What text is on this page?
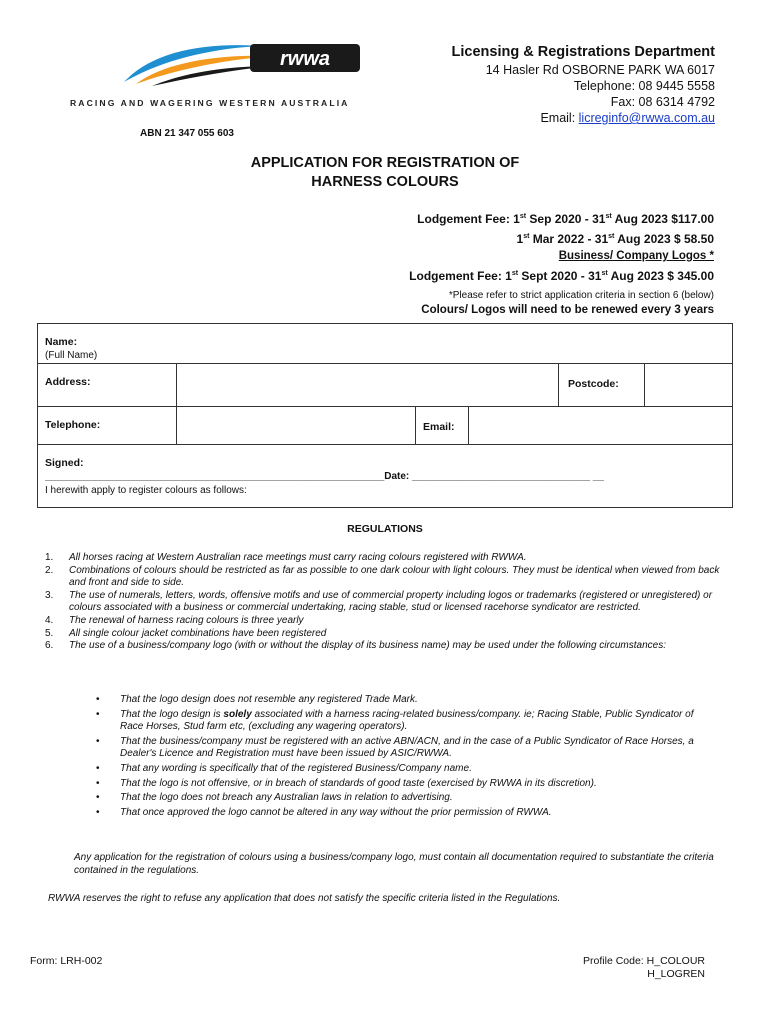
rwwa
RACING AND WAGERING WESTERN AUSTRALIA
Licensing & Registrations Department
14 Hasler Rd OSBORNE PARK WA 6017
Telephone: 08 9445 5558
Fax: 08 6314 4792
Email: licreginfo@rwwa.com.au
ABN 21 347 055 603
APPLICATION FOR REGISTRATION OF
HARNESS COLOURS
Lodgement Fee: 1st Sep 2020 - 31st Aug 2023 $117.00
1st Mar 2022 - 31st Aug 2023 $ 58.50
Business/ Company Logos *
Lodgement Fee: 1st Sept 2020 - 31st Aug 2023 $ 345.00
*Please refer to strict application criteria in section 6 (below)
Colours/ Logos will need to be renewed every 3 years
Name:
(Full Name)
Address:	Postcode:
Telephone:	Email:
Signed:
_____________________________________________________________Date: ________________________________ __
I herewith apply to register colours as follows:
REGULATIONS
1. All horses racing at Western Australian race meetings must carry racing colours registered with RWWA.
2. Combinations of colours should be restricted as far as possible to one dark colour with light colours. They must be identical when viewed from back and front and side to side.
3. The use of numerals, letters, words, offensive motifs and use of commercial property including logos or trademarks (registered or unregistered) or colours associated with a business or commercial undertaking, racing stable, stud or licensed racehorse syndicator are restricted.
4. The renewal of harness racing colours is three yearly
5. All single colour jacket combinations have been registered
6. The use of a business/company logo (with or without the display of its business name) may be used under the following circumstances:
• That the logo design does not resemble any registered Trade Mark.
• That the logo design is solely associated with a harness racing-related business/company. ie; Racing Stable, Public Syndicator of Race Horses, Stud farm etc, (excluding any wagering operators).
• That the business/company must be registered with an active ABN/ACN, and in the case of a Public Syndicator of Race Horses, a Dealer's Licence and Registration must have been issued by ASIC/RWWA.
• That any wording is specifically that of the registered Business/Company name.
• That the logo is not offensive, or in breach of standards of good taste (exercised by RWWA in its discretion).
• That the logo does not breach any Australian laws in relation to advertising.
• That once approved the logo cannot be altered in any way without the prior permission of RWWA.
Any application for the registration of colours using a business/company logo, must contain all documentation required to substantiate the criteria contained in the regulations.
RWWA reserves the right to refuse any application that does not satisfy the specific criteria listed in the Regulations.
Form: LRH-002	Profile Code: H_COLOUR
H_LOGREN
